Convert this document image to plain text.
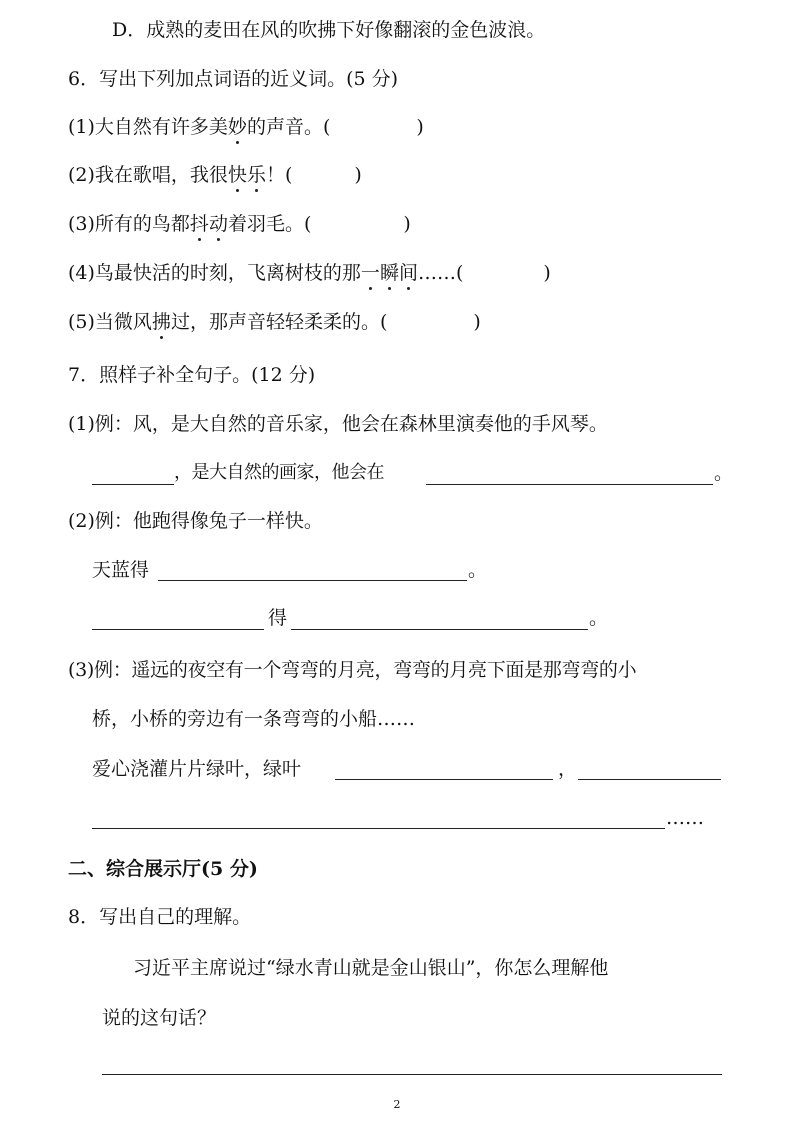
D．成熟的麦田在风的吹拂下好像翻滚的金色波浪。
6．写出下列加点词语的近义词。(5 分)
(1)大自然有许多美妙的声音。(	)
(2)我在歌唱，我很快乐！(	)
(3)所有的鸟都抖动着羽毛。(	)
(4)鸟最快活的时刻，飞离树枝的那一瞬间……(	)
(5)当微风拂过，那声音轻轻柔柔的。(	)
7．照样子补全句子。(12 分)
(1)例：风，是大自然的音乐家，他会在森林里演奏他的手风琴。
，是大自然的画家，他会在	。
(2)例：他跑得像兔子一样快。
天蓝得	。
得	。
(3)例：遥远的夜空有一个弯弯的月亮，弯弯的月亮下面是那弯弯的小
桥，小桥的旁边有一条弯弯的小船……
爱心浇灌片片绿叶，绿叶	，
……
二、综合展示厅(5 分)
8．写出自己的理解。
习近平主席说过“绿水青山就是金山银山”，你怎么理解他
说的这句话？
2
